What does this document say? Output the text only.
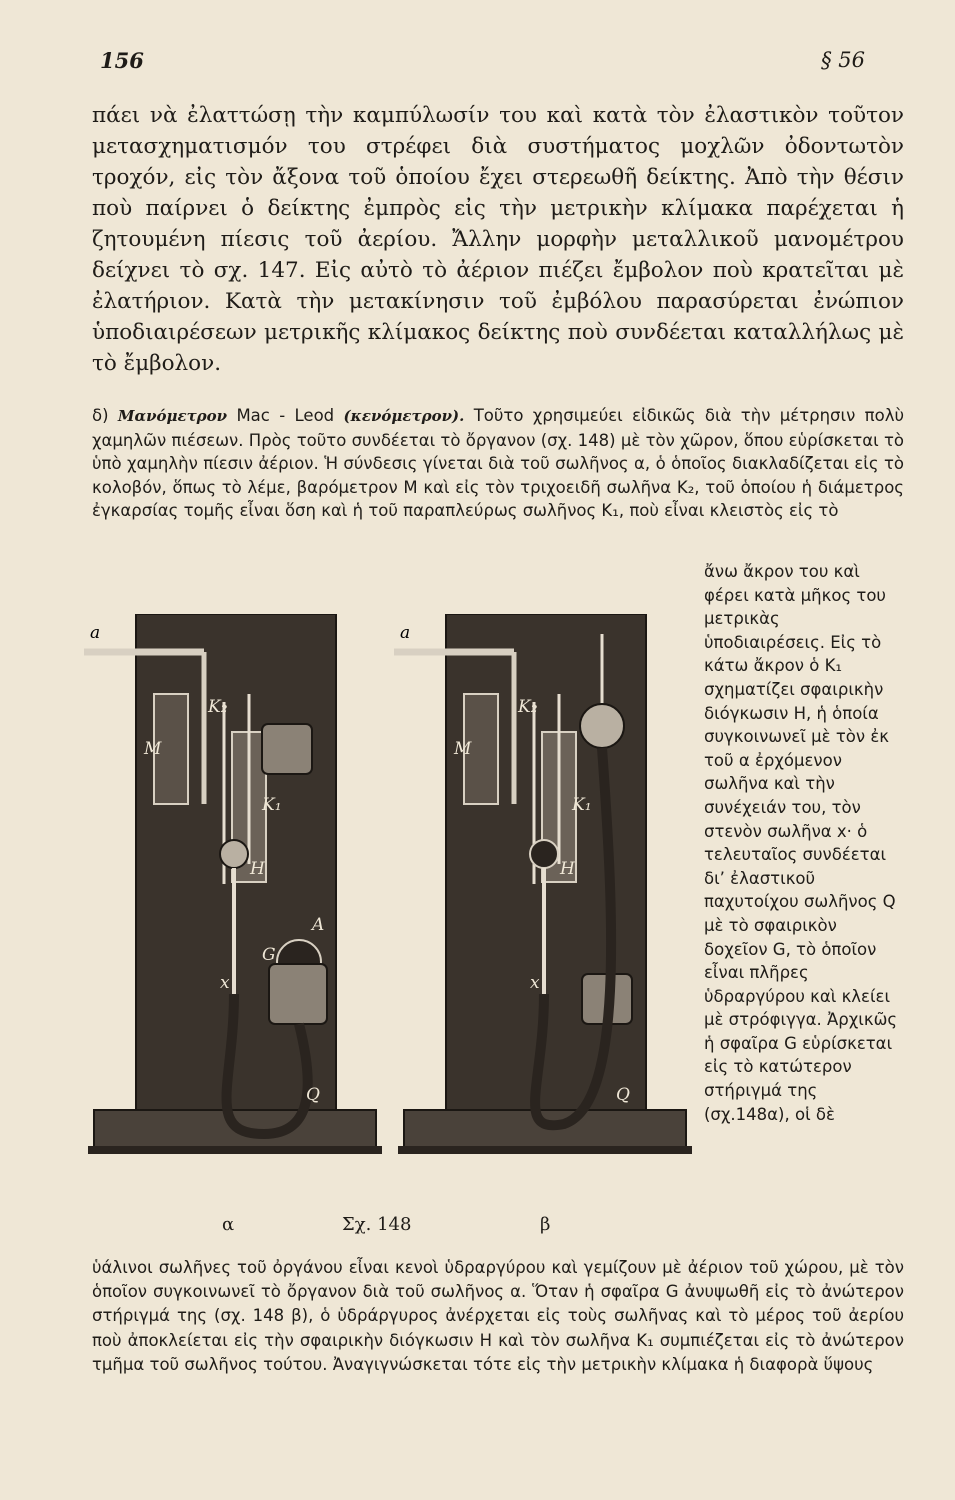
156	§ 56

πάει νὰ ἐλαττώσῃ τὴν καμπύλωσίν του καὶ κατὰ τὸν ἐλαστικὸν τοῦτον μετασχηματισμόν του στρέφει διὰ συστήματος μοχλῶν ὀδοντωτὸν τροχόν, εἰς τὸν ἄξονα τοῦ ὁποίου ἔχει στερεωθῆ δείκτης. Ἀπὸ τὴν θέσιν ποὺ παίρνει ὁ δείκτης ἐμπρὸς εἰς τὴν μετρικὴν κλίμακα παρέχεται ἡ ζητουμένη πίεσις τοῦ ἀερίου. Ἄλλην μορφὴν μεταλλικοῦ μανομέτρου δείχνει τὸ σχ. 147. Εἰς αὐτὸ τὸ ἀέριον πιέζει ἔμβολον ποὺ κρατεῖται μὲ ἐλατήριον. Κατὰ τὴν μετακίνησιν τοῦ ἐμβόλου παρασύρεται ἐνώπιον ὑποδιαιρέσεων μετρικῆς κλίμακος δείκτης ποὺ συνδέεται καταλλήλως μὲ τὸ ἔμβολον.

δ) Μανόμετρον Mac - Leod (κενόμετρον). Τοῦτο χρησιμεύει εἰδικῶς διὰ τὴν μέτρησιν πολὺ χαμηλῶν πιέσεων. Πρὸς τοῦτο συνδέεται τὸ ὄργανον (σχ. 148) μὲ τὸν χῶρον, ὅπου εὑρίσκεται τὸ ὑπὸ χαμηλὴν πίεσιν ἀέριον. Ἡ σύνδεσις γίνεται διὰ τοῦ σωλῆνος α, ὁ ὁποῖος διακλαδίζεται εἰς τὸ κολοβόν, ὅπως τὸ λέμε, βαρόμετρον Μ καὶ εἰς τὸν τριχοειδῆ σωλῆνα K₂, τοῦ ὁποίου ἡ διάμετρος ἐγκαρσίας τομῆς εἶναι ὅση καὶ ἡ τοῦ παραπλεύρως σωλῆνος K₁, ποὺ εἶναι κλειστὸς εἰς τὸ

a
M
K₂
K₁
H
A
G
x
Q
a
M
K₂
K₁
H
x
Q
α	Σχ. 148	β

ἄνω ἄκρον του καὶ φέρει κατὰ μῆκος του μετρικὰς ὑποδιαιρέσεις. Εἰς τὸ κάτω ἄκρον ὁ K₁ σχηματίζει σφαιρικὴν διόγκωσιν Η, ἡ ὁποία συγκοινωνεῖ μὲ τὸν ἐκ τοῦ α ἐρχόμενον σωλῆνα καὶ τὴν συνέχειάν του, τὸν στενὸν σωλῆνα x· ὁ τελευταῖος συνδέεται δι’ ἐλαστικοῦ παχυτοίχου σωλῆνος Q μὲ τὸ σφαιρικὸν δοχεῖον G, τὸ ὁποῖον εἶναι πλῆρες ὑδραργύρου καὶ κλείει μὲ στρόφιγγα. Ἀρχικῶς ἡ σφαῖρα G εὑρίσκεται εἰς τὸ κατώτερον στήριγμά της (σχ.148α), οἱ δὲ

ὑάλινοι σωλῆνες τοῦ ὀργάνου εἶναι κενοὶ ὑδραργύρου καὶ γεμίζουν μὲ ἀέριον τοῦ χώρου, μὲ τὸν ὁποῖον συγκοινωνεῖ τὸ ὄργανον διὰ τοῦ σωλῆνος α. Ὅταν ἡ σφαῖρα G ἀνυψωθῆ εἰς τὸ ἀνώτερον στήριγμά της (σχ. 148 β), ὁ ὑδράργυρος ἀνέρχεται εἰς τοὺς σωλῆνας καὶ τὸ μέρος τοῦ ἀερίου ποὺ ἀποκλείεται εἰς τὴν σφαιρικὴν διόγκωσιν Η καὶ τὸν σωλῆνα K₁ συμπιέζεται εἰς τὸ ἀνώτερον τμῆμα τοῦ σωλῆνος τούτου. Ἀναγιγνώσκεται τότε εἰς τὴν μετρικὴν κλίμακα ἡ διαφορὰ ὕψους
